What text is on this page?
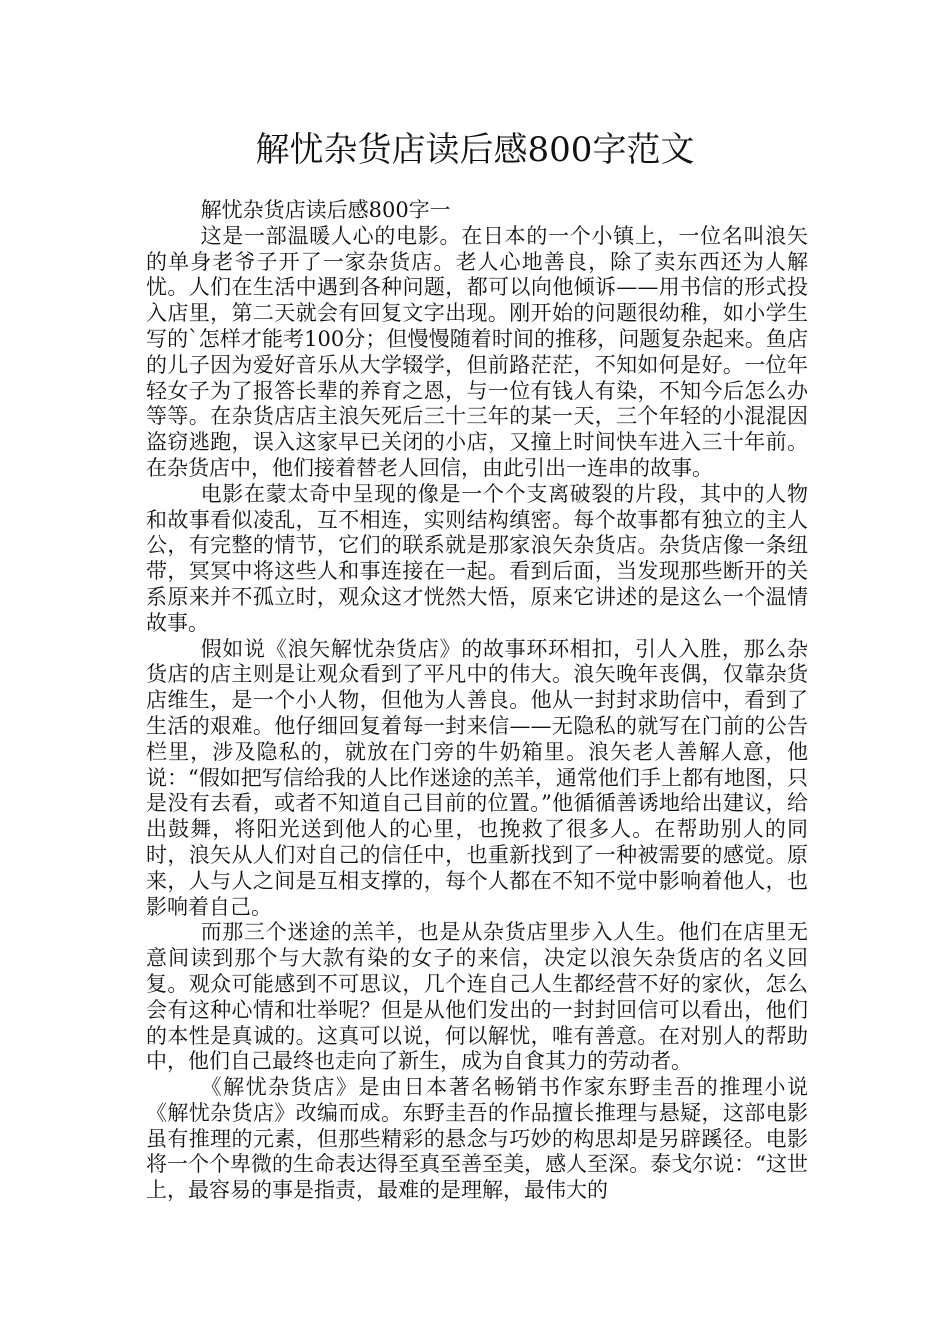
解忧杂货店读后感800字范文

解忧杂货店读后感800字一

这是一部温暖人心的电影。在日本的一个小镇上，一位名叫浪矢的单身老爷子开了一家杂货店。老人心地善良，除了卖东西还为人解忧。人们在生活中遇到各种问题，都可以向他倾诉——用书信的形式投入店里，第二天就会有回复文字出现。刚开始的问题很幼稚，如小学生写的`怎样才能考100分；但慢慢随着时间的推移，问题复杂起来。鱼店的儿子因为爱好音乐从大学辍学，但前路茫茫，不知如何是好。一位年轻女子为了报答长辈的养育之恩，与一位有钱人有染，不知今后怎么办等等。在杂货店店主浪矢死后三十三年的某一天，三个年轻的小混混因盗窃逃跑，误入这家早已关闭的小店，又撞上时间快车进入三十年前。在杂货店中，他们接着替老人回信，由此引出一连串的故事。

电影在蒙太奇中呈现的像是一个个支离破裂的片段，其中的人物和故事看似凌乱，互不相连，实则结构缜密。每个故事都有独立的主人公，有完整的情节，它们的联系就是那家浪矢杂货店。杂货店像一条纽带，冥冥中将这些人和事连接在一起。看到后面，当发现那些断开的关系原来并不孤立时，观众这才恍然大悟，原来它讲述的是这么一个温情故事。

假如说《浪矢解忧杂货店》的故事环环相扣，引人入胜，那么杂货店的店主则是让观众看到了平凡中的伟大。浪矢晚年丧偶，仅靠杂货店维生，是一个小人物，但他为人善良。他从一封封求助信中，看到了生活的艰难。他仔细回复着每一封来信——无隐私的就写在门前的公告栏里，涉及隐私的，就放在门旁的牛奶箱里。浪矢老人善解人意，他说：“假如把写信给我的人比作迷途的羔羊，通常他们手上都有地图，只是没有去看，或者不知道自己目前的位置。”他循循善诱地给出建议，给出鼓舞，将阳光送到他人的心里，也挽救了很多人。在帮助别人的同时，浪矢从人们对自己的信任中，也重新找到了一种被需要的感觉。原来，人与人之间是互相支撑的，每个人都在不知不觉中影响着他人，也影响着自己。

而那三个迷途的羔羊，也是从杂货店里步入人生。他们在店里无意间读到那个与大款有染的女子的来信，决定以浪矢杂货店的名义回复。观众可能感到不可思议，几个连自己人生都经营不好的家伙，怎么会有这种心情和壮举呢？但是从他们发出的一封封回信可以看出，他们的本性是真诚的。这真可以说，何以解忧，唯有善意。在对别人的帮助中，他们自己最终也走向了新生，成为自食其力的劳动者。

《解忧杂货店》是由日本著名畅销书作家东野圭吾的推理小说《解忧杂货店》改编而成。东野圭吾的作品擅长推理与悬疑，这部电影虽有推理的元素，但那些精彩的悬念与巧妙的构思却是另辟蹊径。电影将一个个卑微的生命表达得至真至善至美，感人至深。泰戈尔说：“这世上，最容易的事是指责，最难的是理解，最伟大的
